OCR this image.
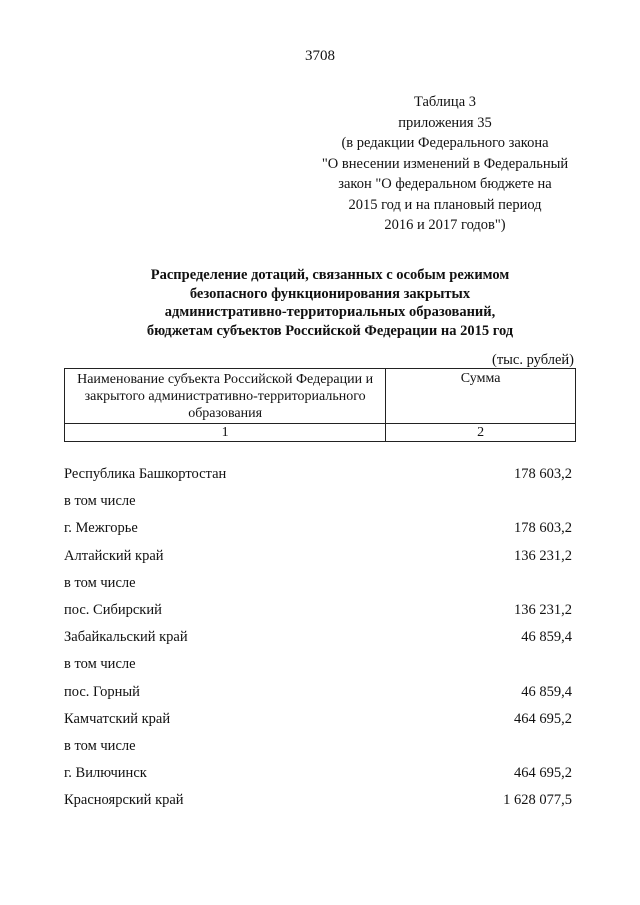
3708
Таблица 3
приложения 35
(в редакции Федерального закона
"О внесении изменений в Федеральный
закон "О федеральном бюджете на
2015 год и на плановый период
2016 и 2017 годов")
Распределение дотаций, связанных с особым режимом
безопасного функционирования закрытых
административно-территориальных образований,
бюджетам субъектов Российской Федерации на 2015 год
(тыс. рублей)
Наименование субъекта Российской Федерации и закрытого административно-территориального образования	Сумма
1	2
Республика Башкортостан	178 603,2
в том числе
г. Межгорье	178 603,2
Алтайский край	136 231,2
в том числе
пос. Сибирский	136 231,2
Забайкальский край	46 859,4
в том числе
пос. Горный	46 859,4
Камчатский край	464 695,2
в том числе
г. Вилючинск	464 695,2
Красноярский край	1 628 077,5
